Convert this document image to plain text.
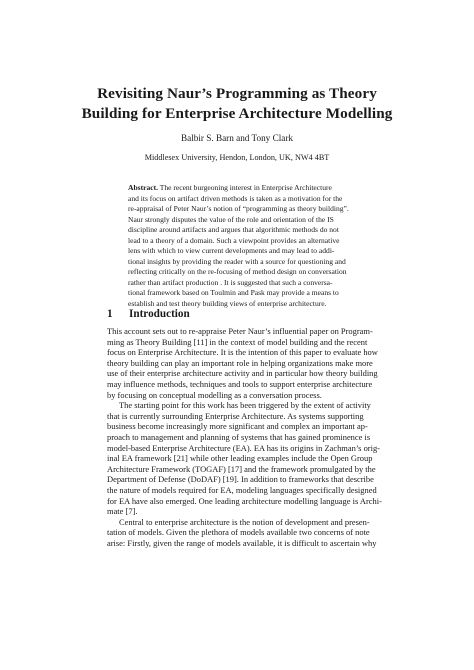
Revisiting Naur’s Programming as Theory
Building for Enterprise Architecture Modelling
Balbir S. Barn and Tony Clark
Middlesex University, Hendon, London, UK, NW4 4BT
Abstract. The recent burgeoning interest in Enterprise Architecture
and its focus on artifact driven methods is taken as a motivation for the
re-appraisal of Peter Naur’s notion of “programming as theory building”.
Naur strongly disputes the value of the role and orientation of the IS
discipline around artifacts and argues that algorithmic methods do not
lead to a theory of a domain. Such a viewpoint provides an alternative
lens with which to view current developments and may lead to addi-
tional insights by providing the reader with a source for questioning and
reflecting critically on the re-focusing of method design on conversation
rather than artifact production . It is suggested that such a conversa-
tional framework based on Toulmin and Pask may provide a means to
establish and test theory building views of enterprise architecture.
1 Introduction
This account sets out to re-appraise Peter Naur’s influential paper on Program-
ming as Theory Building [11] in the context of model building and the recent
focus on Enterprise Architecture. It is the intention of this paper to evaluate how
theory building can play an important role in helping organizations make more
use of their enterprise architecture activity and in particular how theory building
may influence methods, techniques and tools to support enterprise architecture
by focusing on conceptual modelling as a conversation process.
The starting point for this work has been triggered by the extent of activity
that is currently surrounding Enterprise Architecture. As systems supporting
business become increasingly more significant and complex an important ap-
proach to management and planning of systems that has gained prominence is
model-based Enterprise Architecture (EA). EA has its origins in Zachman’s orig-
inal EA framework [21] while other leading examples include the Open Group
Architecture Framework (TOGAF) [17] and the framework promulgated by the
Department of Defense (DoDAF) [19]. In addition to frameworks that describe
the nature of models required for EA, modeling languages specifically designed
for EA have also emerged. One leading architecture modelling language is Archi-
mate [7].
Central to enterprise architecture is the notion of development and presen-
tation of models. Given the plethora of models available two concerns of note
arise: Firstly, given the range of models available, it is difficult to ascertain why
